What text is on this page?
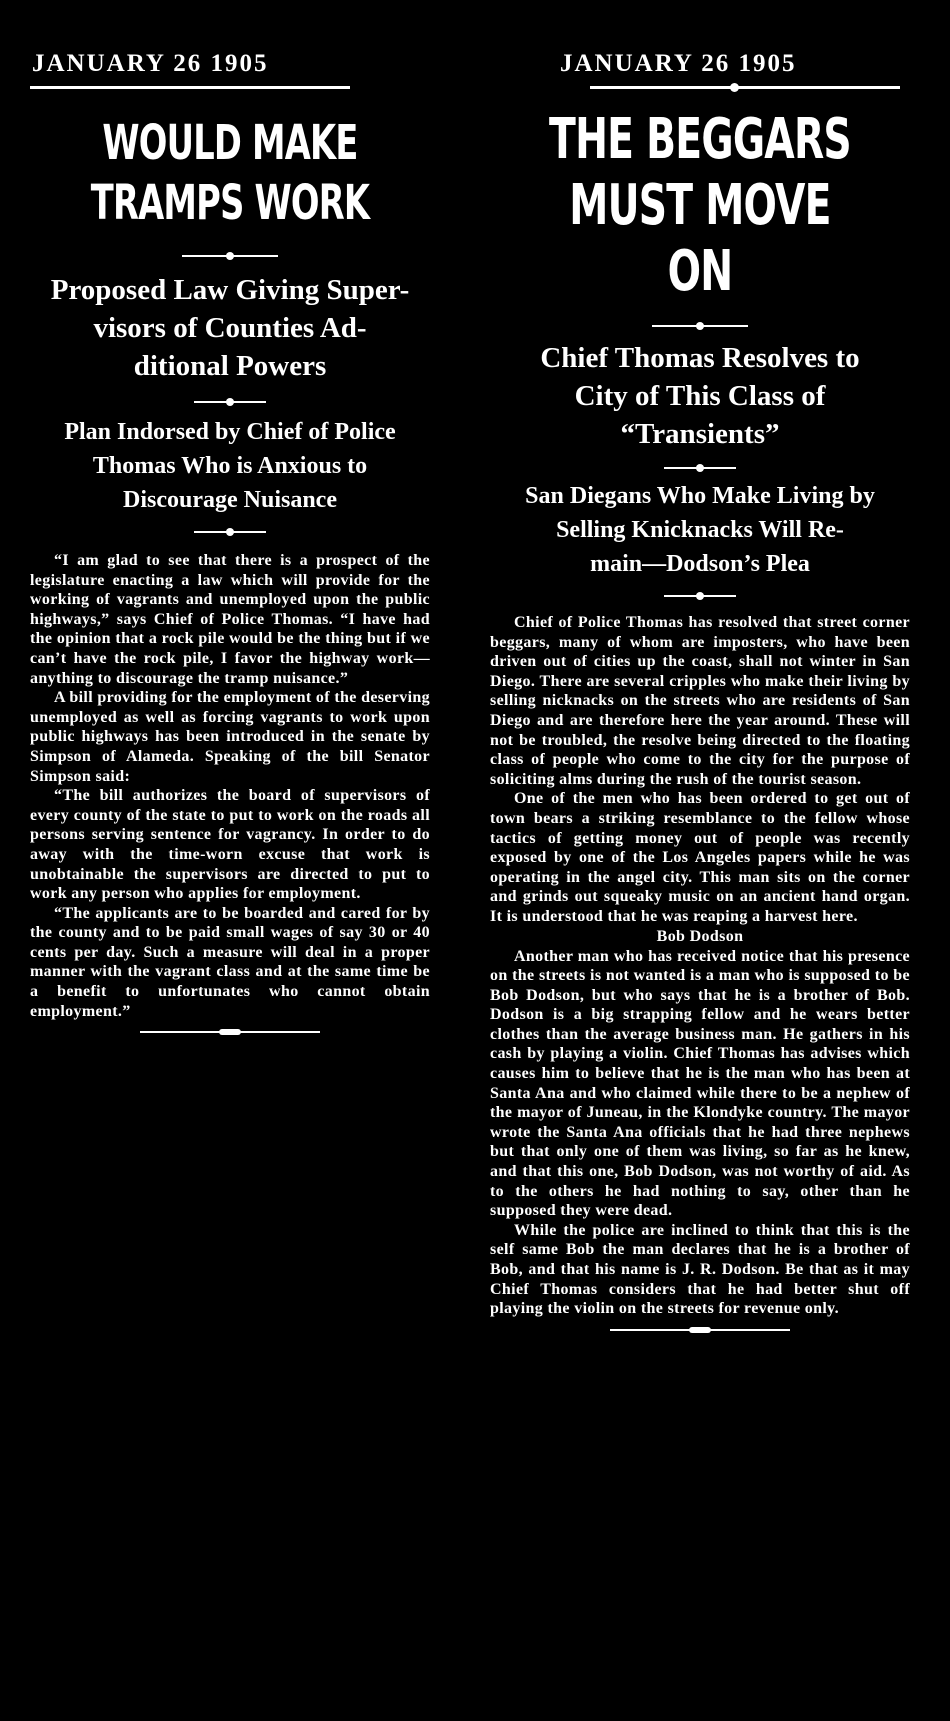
JANUARY 26 1905
WOULD MAKE
TRAMPS WORK
Proposed Law Giving Super-
visors of Counties Ad-
ditional Powers
Plan Indorsed by Chief of Police
Thomas Who is Anxious to
Discourage Nuisance

“I am glad to see that there is a prospect of the legislature enacting a law which will provide for the working of vagrants and unemployed upon the public highways,” says Chief of Police Thomas. “I have had the opinion that a rock pile would be the thing but if we can’t have the rock pile, I favor the highway work—anything to discourage the tramp nuisance.”

A bill providing for the employment of the deserving unemployed as well as forcing vagrants to work upon public highways has been introduced in the senate by Simpson of Alameda. Speaking of the bill Senator Simpson said:

“The bill authorizes the board of supervisors of every county of the state to put to work on the roads all persons serving sentence for vagrancy. In order to do away with the time-worn excuse that work is unobtainable the supervisors are directed to put to work any person who applies for employment.

“The applicants are to be boarded and cared for by the county and to be paid small wages of say 30 or 40 cents per day. Such a measure will deal in a proper manner with the vagrant class and at the same time be a benefit to unfortunates who cannot obtain employment.”

JANUARY 26 1905
THE BEGGARS
MUST MOVE ON
Chief Thomas Resolves to
City of This Class of
“Transients”
San Diegans Who Make Living by
Selling Knicknacks Will Re-
main—Dodson’s Plea

Chief of Police Thomas has resolved that street corner beggars, many of whom are imposters, who have been driven out of cities up the coast, shall not winter in San Diego. There are several cripples who make their living by selling nicknacks on the streets who are residents of San Diego and are therefore here the year around. These will not be troubled, the resolve being directed to the floating class of people who come to the city for the purpose of soliciting alms during the rush of the tourist season.

One of the men who has been ordered to get out of town bears a striking resemblance to the fellow whose tactics of getting money out of people was recently exposed by one of the Los Angeles papers while he was operating in the angel city. This man sits on the corner and grinds out squeaky music on an ancient hand organ. It is understood that he was reaping a harvest here.

Bob Dodson

Another man who has received notice that his presence on the streets is not wanted is a man who is supposed to be Bob Dodson, but who says that he is a brother of Bob. Dodson is a big strapping fellow and he wears better clothes than the average business man. He gathers in his cash by playing a violin. Chief Thomas has advises which causes him to believe that he is the man who has been at Santa Ana and who claimed while there to be a nephew of the mayor of Juneau, in the Klondyke country. The mayor wrote the Santa Ana officials that he had three nephews but that only one of them was living, so far as he knew, and that this one, Bob Dodson, was not worthy of aid. As to the others he had nothing to say, other than he supposed they were dead.

While the police are inclined to think that this is the self same Bob the man declares that he is a brother of Bob, and that his name is J. R. Dodson. Be that as it may Chief Thomas considers that he had better shut off playing the violin on the streets for revenue only.
